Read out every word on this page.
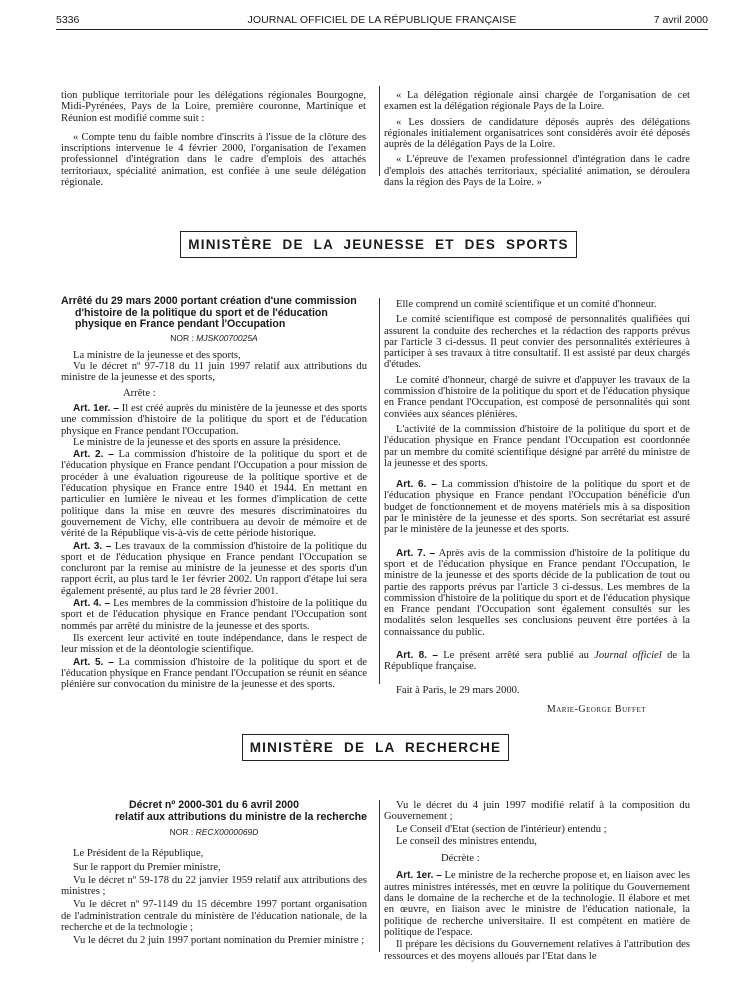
5336	JOURNAL OFFICIEL DE LA RÉPUBLIQUE FRANÇAISE	7 avril 2000

tion publique territoriale pour les délégations régionales Bourgogne, Midi-Pyrénées, Pays de la Loire, première couronne, Martinique et Réunion est modifié comme suit :

« Compte tenu du faible nombre d'inscrits à l'issue de la clôture des inscriptions intervenue le 4 février 2000, l'organisation de l'examen professionnel d'intégration dans le cadre d'emplois des attachés territoriaux, spécialité animation, est confiée à une seule délégation régionale.

« La délégation régionale ainsi chargée de l'organisation de cet examen est la délégation régionale Pays de la Loire.

« Les dossiers de candidature déposés auprès des délégations régionales initialement organisatrices sont considérés avoir été déposés auprès de la délégation Pays de la Loire.

« L'épreuve de l'examen professionnel d'intégration dans le cadre d'emplois des attachés territoriaux, spécialité animation, se déroulera dans la région des Pays de la Loire. »

MINISTÈRE DE LA JEUNESSE ET DES SPORTS
Arrêté du 29 mars 2000 portant création d'une commission d'histoire de la politique du sport et de l'éducation physique en France pendant l'Occupation
NOR : MJSK0070025A

La ministre de la jeunesse et des sports,

Vu le décret nº 97-718 du 11 juin 1997 relatif aux attributions du ministre de la jeunesse et des sports,

Arrête :

Art. 1er. – Il est créé auprès du ministère de la jeunesse et des sports une commission d'histoire de la politique du sport et de l'éducation physique en France pendant l'Occupation.

Le ministre de la jeunesse et des sports en assure la présidence.

Art. 2. – La commission d'histoire de la politique du sport et de l'éducation physique en France pendant l'Occupation a pour mission de procéder à une évaluation rigoureuse de la politique sportive et de l'éducation physique en France entre 1940 et 1944. En mettant en particulier en lumière le niveau et les formes d'implication de cette politique dans la mise en œuvre des mesures discriminatoires du gouvernement de Vichy, elle contribuera au devoir de mémoire et de vérité de la République vis-à-vis de cette période historique.

Art. 3. – Les travaux de la commission d'histoire de la politique du sport et de l'éducation physique en France pendant l'Occupation se concluront par la remise au ministre de la jeunesse et des sports d'un rapport écrit, au plus tard le 1er février 2002. Un rapport d'étape lui sera également présenté, au plus tard le 28 février 2001.

Art. 4. – Les membres de la commission d'histoire de la politique du sport et de l'éducation physique en France pendant l'Occupation sont nommés par arrêté du ministre de la jeunesse et des sports.

Ils exercent leur activité en toute indépendance, dans le respect de leur mission et de la déontologie scientifique.

Art. 5. – La commission d'histoire de la politique du sport et de l'éducation physique en France pendant l'Occupation se réunit en séance plénière sur convocation du ministre de la jeunesse et des sports.

Elle comprend un comité scientifique et un comité d'honneur.

Le comité scientifique est composé de personnalités qualifiées qui assurent la conduite des recherches et la rédaction des rapports prévus par l'article 3 ci-dessus. Il peut convier des personnalités extérieures à participer à ses travaux à titre consultatif. Il est assisté par deux chargés d'études.

Le comité d'honneur, chargé de suivre et d'appuyer les travaux de la commission d'histoire de la politique du sport et de l'éducation physique en France pendant l'Occupation, est composé de personnalités qui sont conviées aux séances plénières.

L'activité de la commission d'histoire de la politique du sport et de l'éducation physique en France pendant l'Occupation est coordonnée par un membre du comité scientifique désigné par arrêté du ministre de la jeunesse et des sports.

Art. 6. – La commission d'histoire de la politique du sport et de l'éducation physique en France pendant l'Occupation bénéficie d'un budget de fonctionnement et de moyens matériels mis à sa disposition par le ministère de la jeunesse et des sports. Son secrétariat est assuré par le ministère de la jeunesse et des sports.

Art. 7. – Après avis de la commission d'histoire de la politique du sport et de l'éducation physique en France pendant l'Occupation, le ministre de la jeunesse et des sports décide de la publication de tout ou partie des rapports prévus par l'article 3 ci-dessus. Les membres de la commission d'histoire de la politique du sport et de l'éducation physique en France pendant l'Occupation sont également consultés sur les modalités selon lesquelles ses conclusions peuvent être portées à la connaissance du public.

Art. 8. – Le présent arrêté sera publié au Journal officiel de la République française.

Fait à Paris, le 29 mars 2000.

Marie-George Buffet
MINISTÈRE DE LA RECHERCHE
Décret nº 2000-301 du 6 avril 2000
relatif aux attributions du ministre de la recherche
NOR : RECX0000069D

Le Président de la République,

Sur le rapport du Premier ministre,

Vu le décret nº 59-178 du 22 janvier 1959 relatif aux attributions des ministres ;

Vu le décret nº 97-1149 du 15 décembre 1997 portant organisation de l'administration centrale du ministère de l'éducation nationale, de la recherche et de la technologie ;

Vu le décret du 2 juin 1997 portant nomination du Premier ministre ;

Vu le décret du 4 juin 1997 modifié relatif à la composition du Gouvernement ;

Le Conseil d'Etat (section de l'intérieur) entendu ;

Le conseil des ministres entendu,

Décrète :

Art. 1er. – Le ministre de la recherche propose et, en liaison avec les autres ministres intéressés, met en œuvre la politique du Gouvernement dans le domaine de la recherche et de la technologie. Il élabore et met en œuvre, en liaison avec le ministre de l'éducation nationale, la politique de recherche universitaire. Il est compétent en matière de politique de l'espace.

Il prépare les décisions du Gouvernement relatives à l'attribution des ressources et des moyens alloués par l'Etat dans le
